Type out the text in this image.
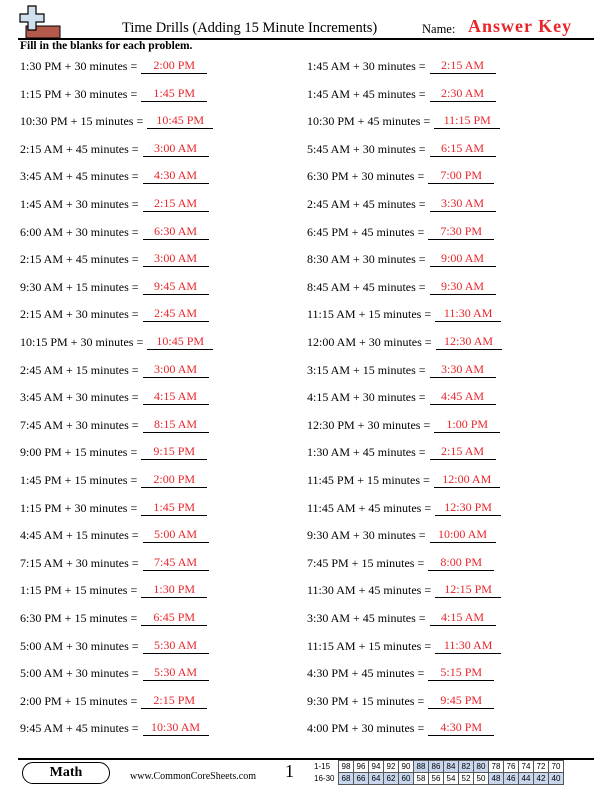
Time Drills (Adding 15 Minute Increments)	Name: Answer Key
Fill in the blanks for each problem.
1:30 PM + 30 minutes = 2:00 PM
1:15 PM + 30 minutes = 1:45 PM
10:30 PM + 15 minutes = 10:45 PM
2:15 AM + 45 minutes = 3:00 AM
3:45 AM + 45 minutes = 4:30 AM
1:45 AM + 30 minutes = 2:15 AM
6:00 AM + 30 minutes = 6:30 AM
2:15 AM + 45 minutes = 3:00 AM
9:30 AM + 15 minutes = 9:45 AM
2:15 AM + 30 minutes = 2:45 AM
10:15 PM + 30 minutes = 10:45 PM
2:45 AM + 15 minutes = 3:00 AM
3:45 AM + 30 minutes = 4:15 AM
7:45 AM + 30 minutes = 8:15 AM
9:00 PM + 15 minutes = 9:15 PM
1:45 PM + 15 minutes = 2:00 PM
1:15 PM + 30 minutes = 1:45 PM
4:45 AM + 15 minutes = 5:00 AM
7:15 AM + 30 minutes = 7:45 AM
1:15 PM + 15 minutes = 1:30 PM
6:30 PM + 15 minutes = 6:45 PM
5:00 AM + 30 minutes = 5:30 AM
5:00 AM + 30 minutes = 5:30 AM
2:00 PM + 15 minutes = 2:15 PM
9:45 AM + 45 minutes = 10:30 AM
1:45 AM + 30 minutes = 2:15 AM
1:45 AM + 45 minutes = 2:30 AM
10:30 PM + 45 minutes = 11:15 PM
5:45 AM + 30 minutes = 6:15 AM
6:30 PM + 30 minutes = 7:00 PM
2:45 AM + 45 minutes = 3:30 AM
6:45 PM + 45 minutes = 7:30 PM
8:30 AM + 30 minutes = 9:00 AM
8:45 AM + 45 minutes = 9:30 AM
11:15 AM + 15 minutes = 11:30 AM
12:00 AM + 30 minutes = 12:30 AM
3:15 AM + 15 minutes = 3:30 AM
4:15 AM + 30 minutes = 4:45 AM
12:30 PM + 30 minutes = 1:00 PM
1:30 AM + 45 minutes = 2:15 AM
11:45 PM + 15 minutes = 12:00 AM
11:45 AM + 45 minutes = 12:30 PM
9:30 AM + 30 minutes = 10:00 AM
7:45 PM + 15 minutes = 8:00 PM
11:30 AM + 45 minutes = 12:15 PM
3:30 AM + 45 minutes = 4:15 AM
11:15 AM + 15 minutes = 11:30 AM
4:30 PM + 45 minutes = 5:15 PM
9:30 PM + 15 minutes = 9:45 PM
4:00 PM + 30 minutes = 4:30 PM
Math	www.CommonCoreSheets.com 1	1-15	98	96	94	92	90	88	86	84	82	80	78	76	74	72	70
16-30	68	66	64	62	60	58	56	54	52	50	48	46	44	42	40
